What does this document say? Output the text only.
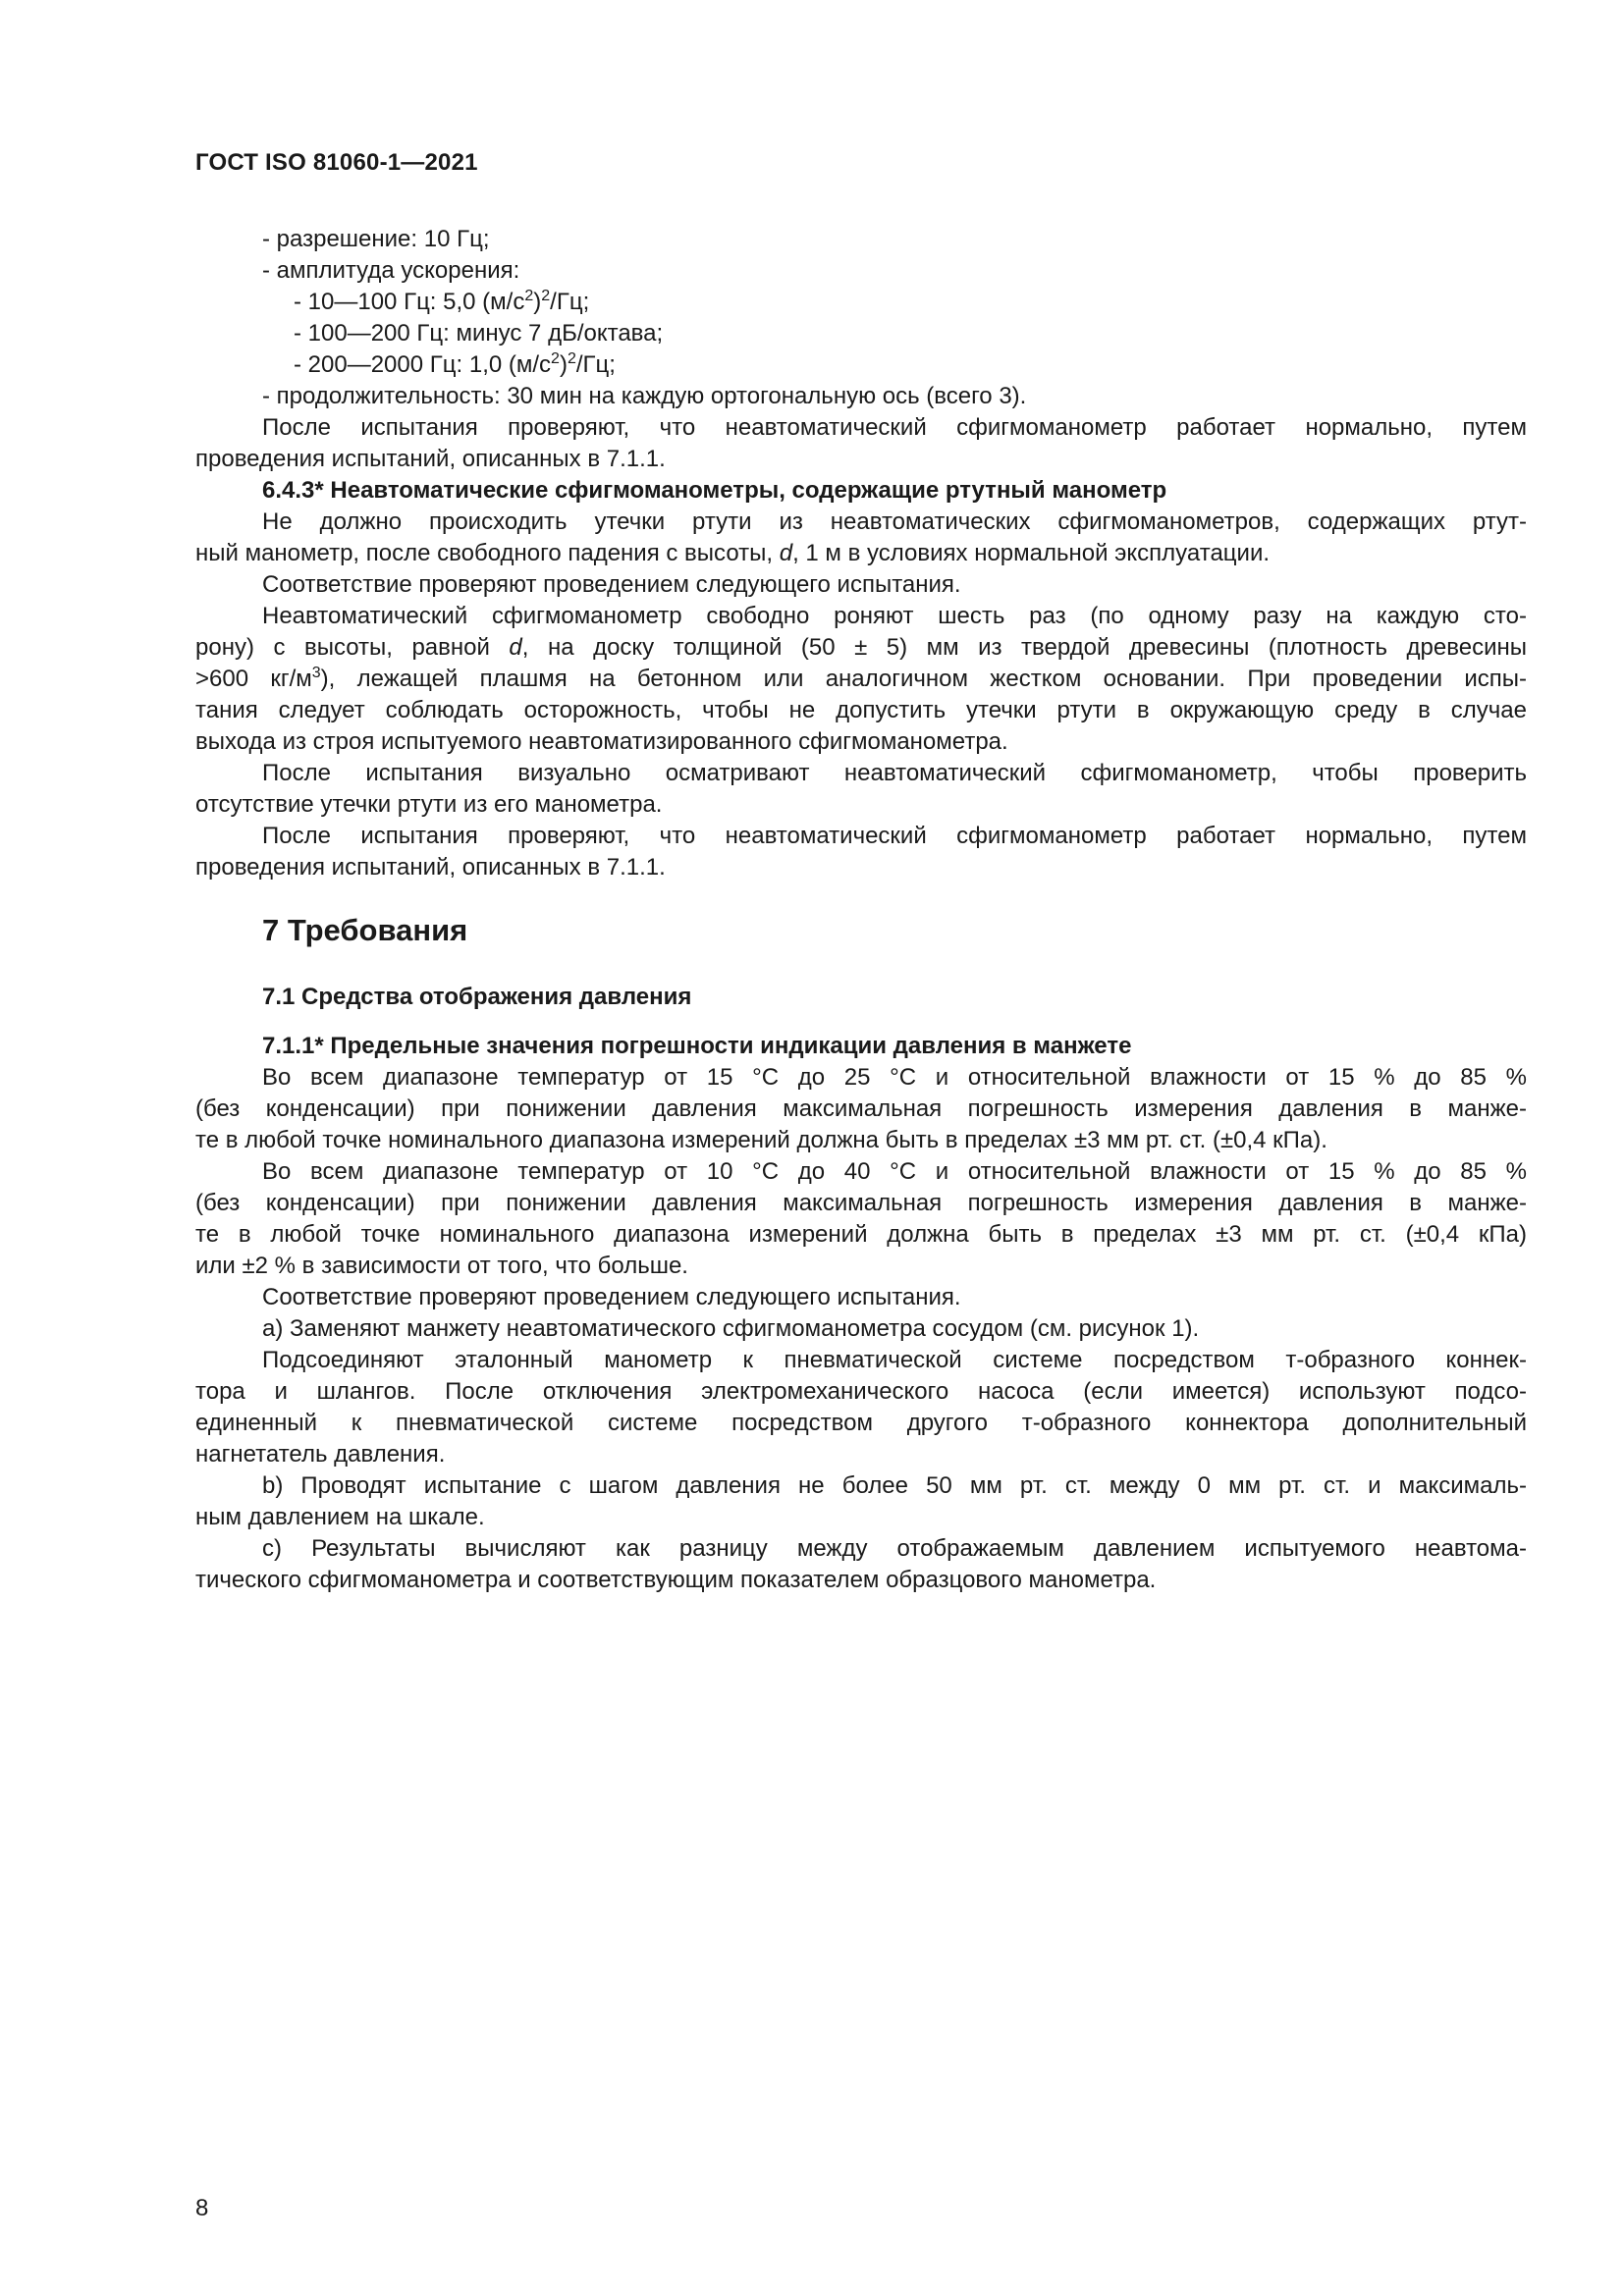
ГОСТ ISO 81060-1—2021
- разрешение: 10 Гц;
- амплитуда ускорения:
- 10—100 Гц: 5,0 $(м/с^2)^2/Гц$;
- 100—200 Гц: минус 7 дБ/октава;
- 200—2000 Гц: 1,0 $(м/с^2)^2/Гц$;
- продолжительность: 30 мин на каждую ортогональную ось (всего 3).
После испытания проверяют, что неавтоматический сфигмоманометр работает нормально, путем
проведения испытаний, описанных в 7.1.1.
6.4.3* Неавтоматические сфигмоманометры, содержащие ртутный манометр
Не должно происходить утечки ртути из неавтоматических сфигмоманометров, содержащих ртут-
ный манометр, после свободного падения с высоты, d, 1 м в условиях нормальной эксплуатации.
Соответствие проверяют проведением следующего испытания.
Неавтоматический сфигмоманометр свободно роняют шесть раз (по одному разу на каждую сто-
рону) с высоты, равной d, на доску толщиной (50 ± 5) мм из твердой древесины (плотность древесины
>600 $кг/м^3$), лежащей плашмя на бетонном или аналогичном жестком основании. При проведении испы-
тания следует соблюдать осторожность, чтобы не допустить утечки ртути в окружающую среду в случае
выхода из строя испытуемого неавтоматизированного сфигмоманометра.
После испытания визуально осматривают неавтоматический сфигмоманометр, чтобы проверить
отсутствие утечки ртути из его манометра.
После испытания проверяют, что неавтоматический сфигмоманометр работает нормально, путем
проведения испытаний, описанных в 7.1.1.
7 Требования
7.1 Средства отображения давления
7.1.1* Предельные значения погрешности индикации давления в манжете
Во всем диапазоне температур от 15 °С до 25 °С и относительной влажности от 15 % до 85 %
(без конденсации) при понижении давления максимальная погрешность измерения давления в манже-
те в любой точке номинального диапазона измерений должна быть в пределах ±3 мм рт. ст. (±0,4 кПа).
Во всем диапазоне температур от 10 °С до 40 °С и относительной влажности от 15 % до 85 %
(без конденсации) при понижении давления максимальная погрешность измерения давления в манже-
те в любой точке номинального диапазона измерений должна быть в пределах ±3 мм рт. ст. (±0,4 кПа)
или ±2 % в зависимости от того, что больше.
Соответствие проверяют проведением следующего испытания.
a) Заменяют манжету неавтоматического сфигмоманометра сосудом (см. рисунок 1).
Подсоединяют эталонный манометр к пневматической системе посредством т-образного коннек-
тора и шлангов. После отключения электромеханического насоса (если имеется) используют подсо-
единенный к пневматической системе посредством другого т-образного коннектора дополнительный
нагнетатель давления.
b) Проводят испытание с шагом давления не более 50 мм рт. ст. между 0 мм рт. ст. и максималь-
ным давлением на шкале.
c) Результаты вычисляют как разницу между отображаемым давлением испытуемого неавтома-
тического сфигмоманометра и соответствующим показателем образцового манометра.
8
